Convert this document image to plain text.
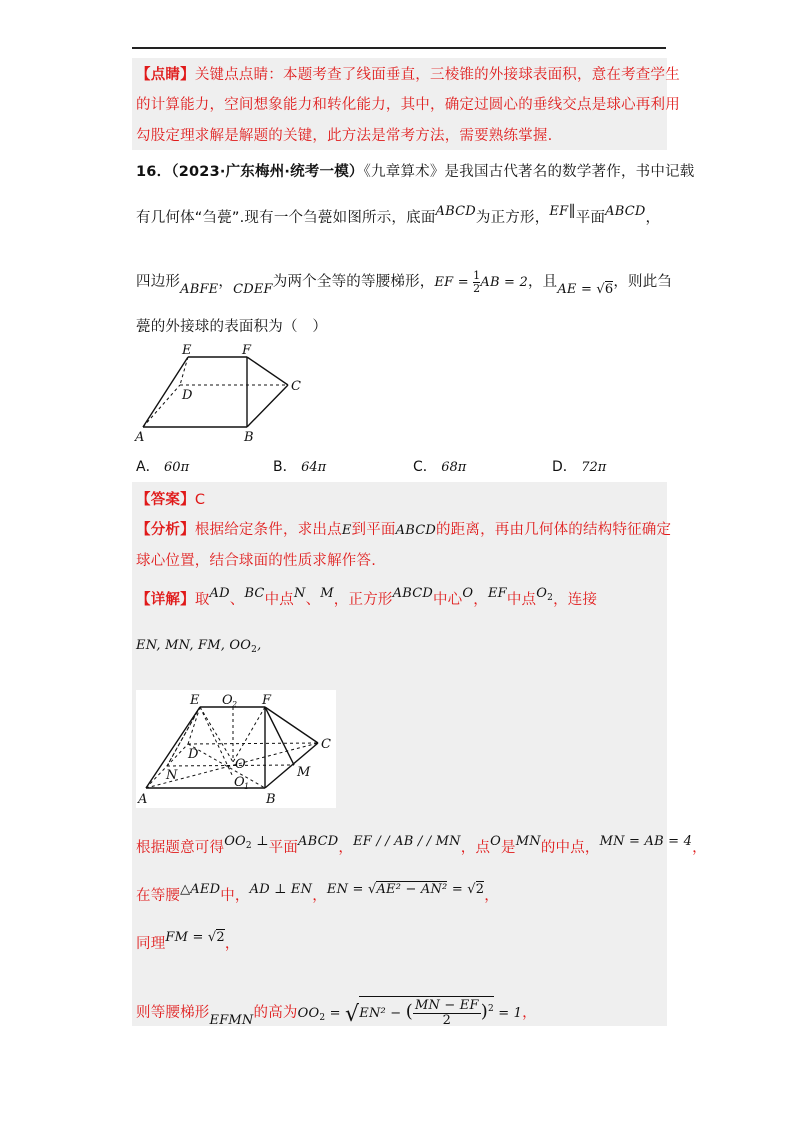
【点睛】关键点点睛：本题考查了线面垂直，三棱锥的外接球表面积，意在考查学生
的计算能力，空间想象能力和转化能力，其中，确定过圆心的垂线交点是球心再利用
勾股定理求解是解题的关键，此方法是常考方法，需要熟练掌握.
16．（2023·广东梅州·统考一模）《九章算术》是我国古代著名的数学著作，书中记载
有几何体“刍甍”.现有一个刍甍如图所示，底面ABCD为正方形，EF∥平面ABCD，
四边形ABFE，CDEF为两个全等的等腰梯形，EF = $\frac{1}{2}$ AB = 2，且AE = √6，则此刍
甍的外接球的表面积为（　）
E	F
C
D
A	B
A． 60π	B． 64π	C． 68π	D． 72π
【答案】C
【分析】根据给定条件，求出点E到平面ABCD的距离，再由几何体的结构特征确定
球心位置，结合球面的性质求解作答.
【详解】取AD、BC中点N、M，正方形ABCD中心O，EF中点$O_2$，连接
EN, MN, FM, $OO_2$,
E O 2 F
C
D
O
N	O 1
M
A	B
根据题意可得$OO_2$ ⊥平面ABCD，EF / / AB / / MN，点O是MN的中点，MN = AB = 4，
在等腰△AED中，AD ⊥ EN，EN = √AE² − AN² = √2，
同理FM = √2，
则等腰梯形EFMN的高为$OO_2 = √EN^2$ − ( $\frac{MN - EF}{2} )^2 = 1$，
